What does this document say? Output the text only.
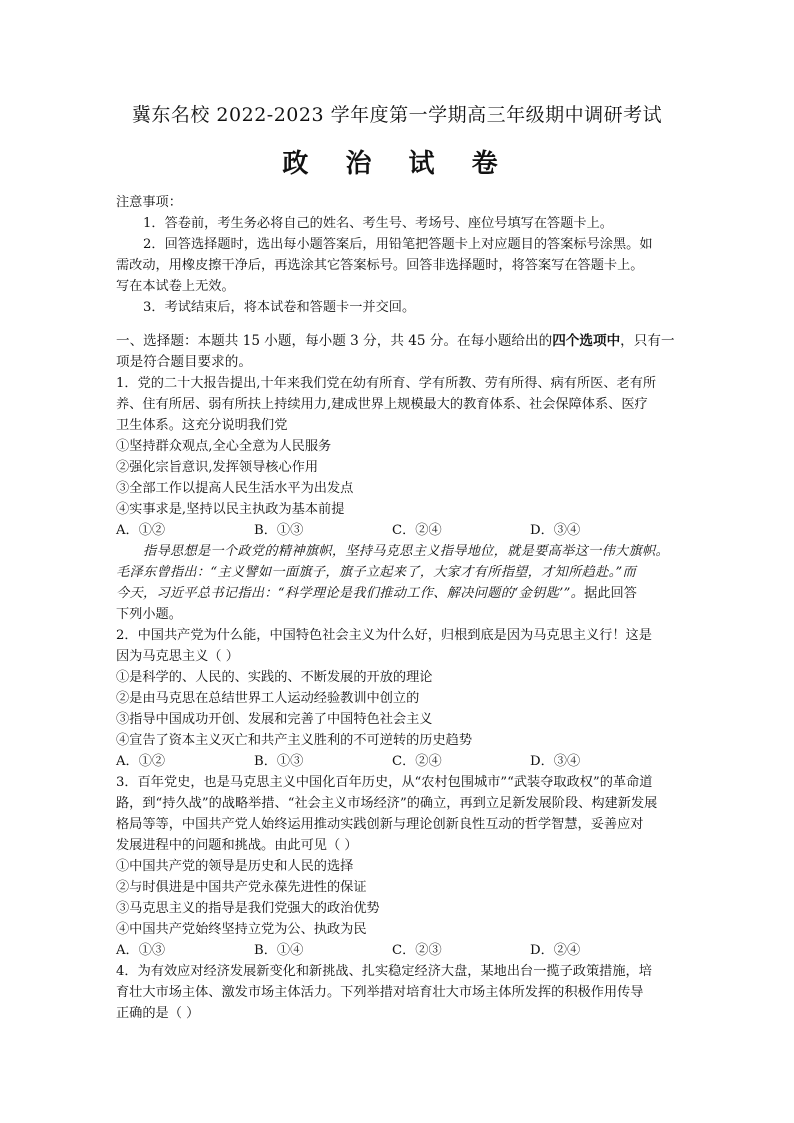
冀东名校 2022-2023 学年度第一学期高三年级期中调研考试
政 治 试 卷
注意事项：
1．答卷前，考生务必将自己的姓名、考生号、考场号、座位号填写在答题卡上。
2．回答选择题时，选出每小题答案后，用铅笔把答题卡上对应题目的答案标号涂黑。如
需改动，用橡皮擦干净后，再选涂其它答案标号。回答非选择题时，将答案写在答题卡上。
写在本试卷上无效。
3．考试结束后，将本试卷和答题卡一并交回。
一、选择题：本题共 15 小题，每小题 3 分，共 45 分。在每小题给出的四个选项中，只有一
项是符合题目要求的。
1．党的二十大报告提出,十年来我们党在幼有所育、学有所教、劳有所得、病有所医、老有所
养、住有所居、弱有所扶上持续用力,建成世界上规模最大的教育体系、社会保障体系、医疗
卫生体系。这充分说明我们党
①坚持群众观点,全心全意为人民服务
②强化宗旨意识,发挥领导核心作用
③全部工作以提高人民生活水平为出发点
④实事求是,坚持以民主执政为基本前提
A．①②	B．①③	C．②④	D．③④
指导思想是一个政党的精神旗帜，坚持马克思主义指导地位，就是要高举这一伟大旗帜。
毛泽东曾指出：“主义譬如一面旗子，旗子立起来了，大家才有所指望，才知所趋赴。”而
今天，习近平总书记指出：“科学理论是我们推动工作、解决问题的‘金钥匙’”。据此回答
下列小题。
2．中国共产党为什么能，中国特色社会主义为什么好，归根到底是因为马克思主义行！这是
因为马克思主义（ ）
①是科学的、人民的、实践的、不断发展的开放的理论
②是由马克思在总结世界工人运动经验教训中创立的
③指导中国成功开创、发展和完善了中国特色社会主义
④宣告了资本主义灭亡和共产主义胜利的不可逆转的历史趋势
A．①②	B．①③	C．②④	D．③④
3．百年党史，也是马克思主义中国化百年历史，从“农村包围城市”“武装夺取政权”的革命道
路，到“持久战”的战略举措、“社会主义市场经济”的确立，再到立足新发展阶段、构建新发展
格局等等，中国共产党人始终运用推动实践创新与理论创新良性互动的哲学智慧，妥善应对
发展进程中的问题和挑战。由此可见（ ）
①中国共产党的领导是历史和人民的选择
②与时俱进是中国共产党永葆先进性的保证
③马克思主义的指导是我们党强大的政治优势
④中国共产党始终坚持立党为公、执政为民
A．①③	B．①④	C．②③	D．②④
4．为有效应对经济发展新变化和新挑战、扎实稳定经济大盘，某地出台一揽子政策措施，培
育壮大市场主体、激发市场主体活力。下列举措对培育壮大市场主体所发挥的积极作用传导
正确的是（ ）
